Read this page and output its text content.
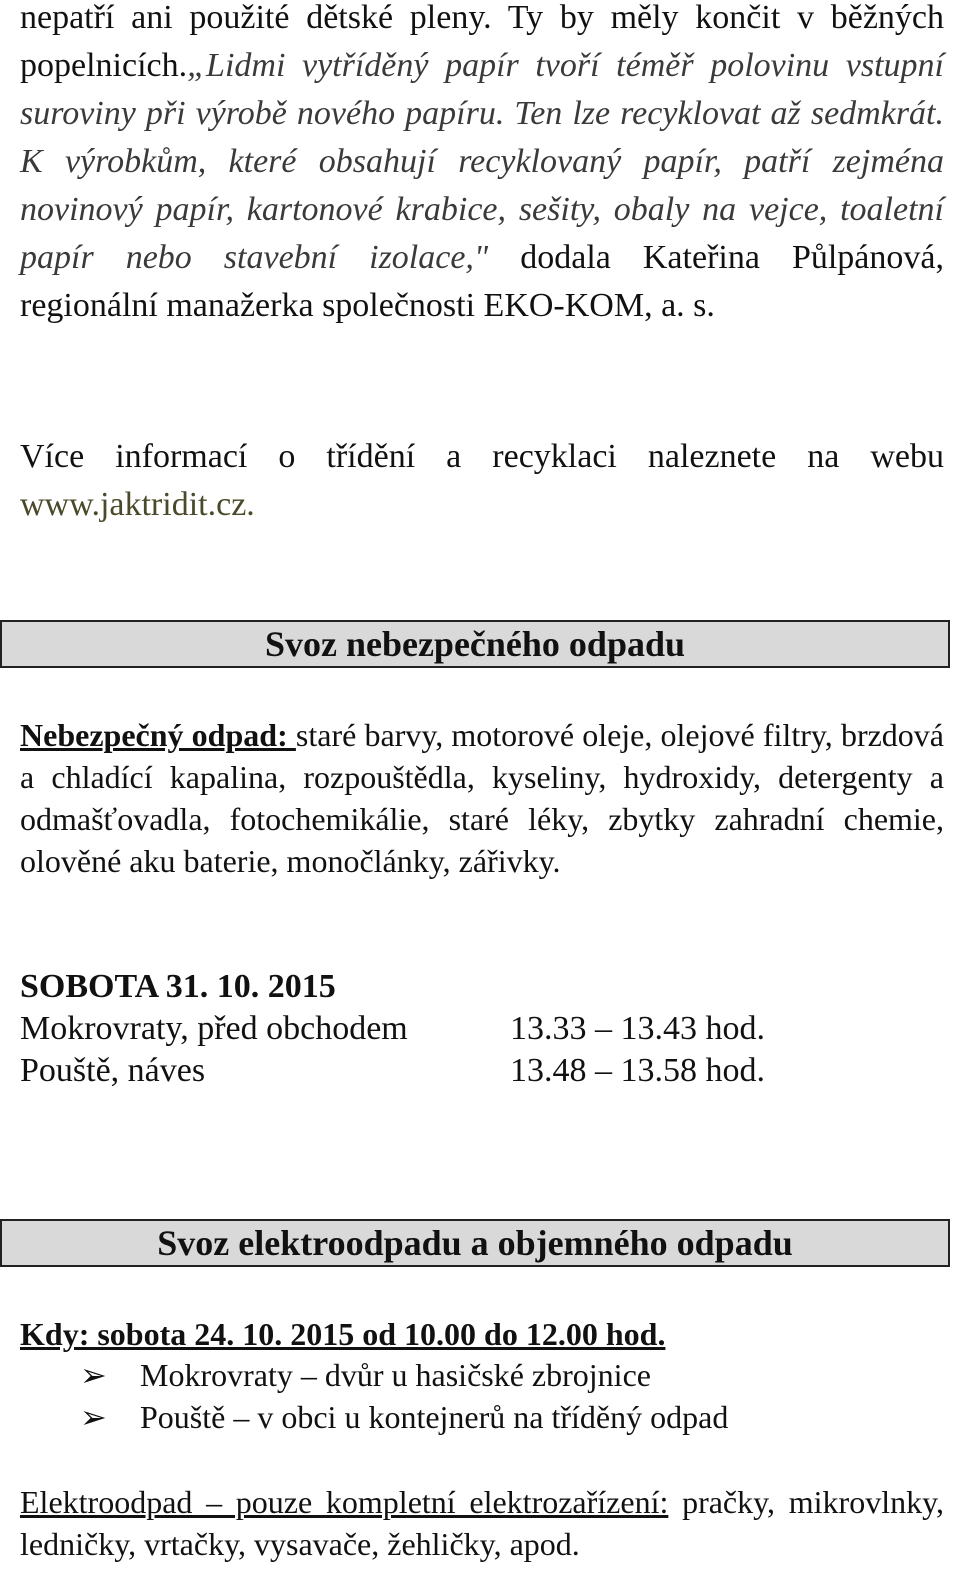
nepatří ani použité dětské pleny. Ty by měly končit v běžných popelnicích.„Lidmi vytříděný papír tvoří téměř polovinu vstupní suroviny při výrobě nového papíru. Ten lze recyklovat až sedmkrát. K výrobkům, které obsahují recyklovaný papír, patří zejména novinový papír, kartonové krabice, sešity, obaly na vejce, toaletní papír nebo stavební izolace," dodala Kateřina Půlpánová, regionální manažerka společnosti EKO-KOM, a. s.

Více informací o třídění a recyklaci naleznete na webu www.jaktridit.cz.

Svoz nebezpečného odpadu

Nebezpečný odpad: staré barvy, motorové oleje, olejové filtry, brzdová a chladící kapalina, rozpouštědla, kyseliny, hydroxidy, detergenty a odmašťovadla, fotochemikálie, staré léky, zbytky zahradní chemie, olověné aku baterie, monočlánky, zářivky.

SOBOTA 31. 10. 2015
Mokrovraty, před obchodem	13.33 – 13.43 hod.
Pouště, náves	13.48 – 13.58 hod.
Svoz elektroodpadu a objemného odpadu
Kdy: sobota 24. 10. 2015 od 10.00 do 12.00 hod.
➢ Mokrovraty – dvůr u hasičské zbrojnice
➢ Pouště – v obci u kontejnerů na tříděný odpad

Elektroodpad – pouze kompletní elektrozařízení: pračky, mikrovlnky, ledničky, vrtačky, vysavače, žehličky, apod.
